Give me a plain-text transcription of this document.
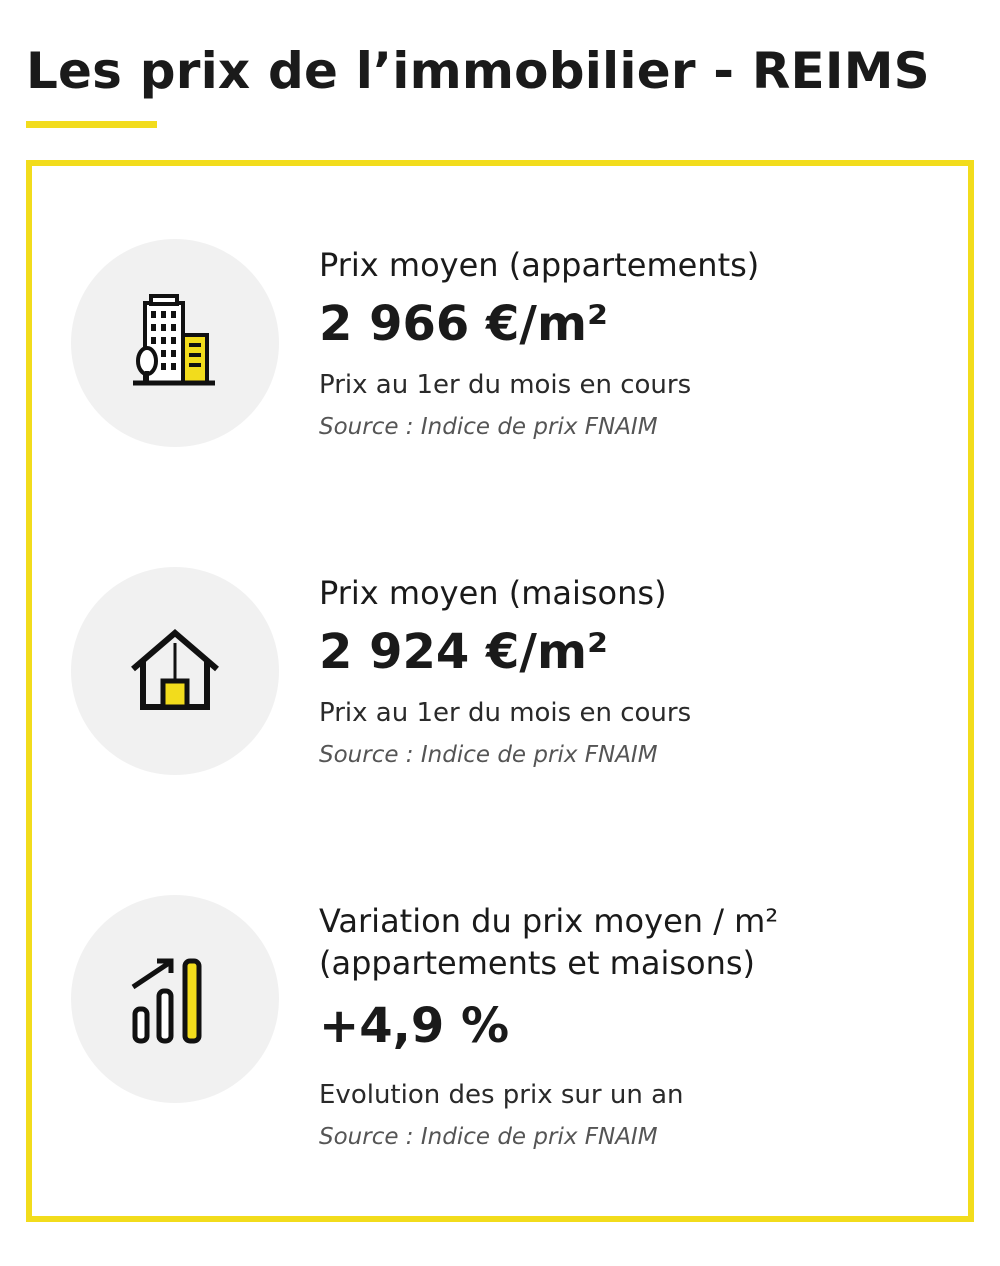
Les prix de l’immobilier - REIMS

Prix moyen (appartements)

2 966 €/m²

Prix au 1er du mois en cours

Source : Indice de prix FNAIM

Prix moyen (maisons)

2 924 €/m²

Prix au 1er du mois en cours

Source : Indice de prix FNAIM

Variation du prix moyen / m²

(appartements et maisons)

+4,9 %

Evolution des prix sur un an

Source : Indice de prix FNAIM
